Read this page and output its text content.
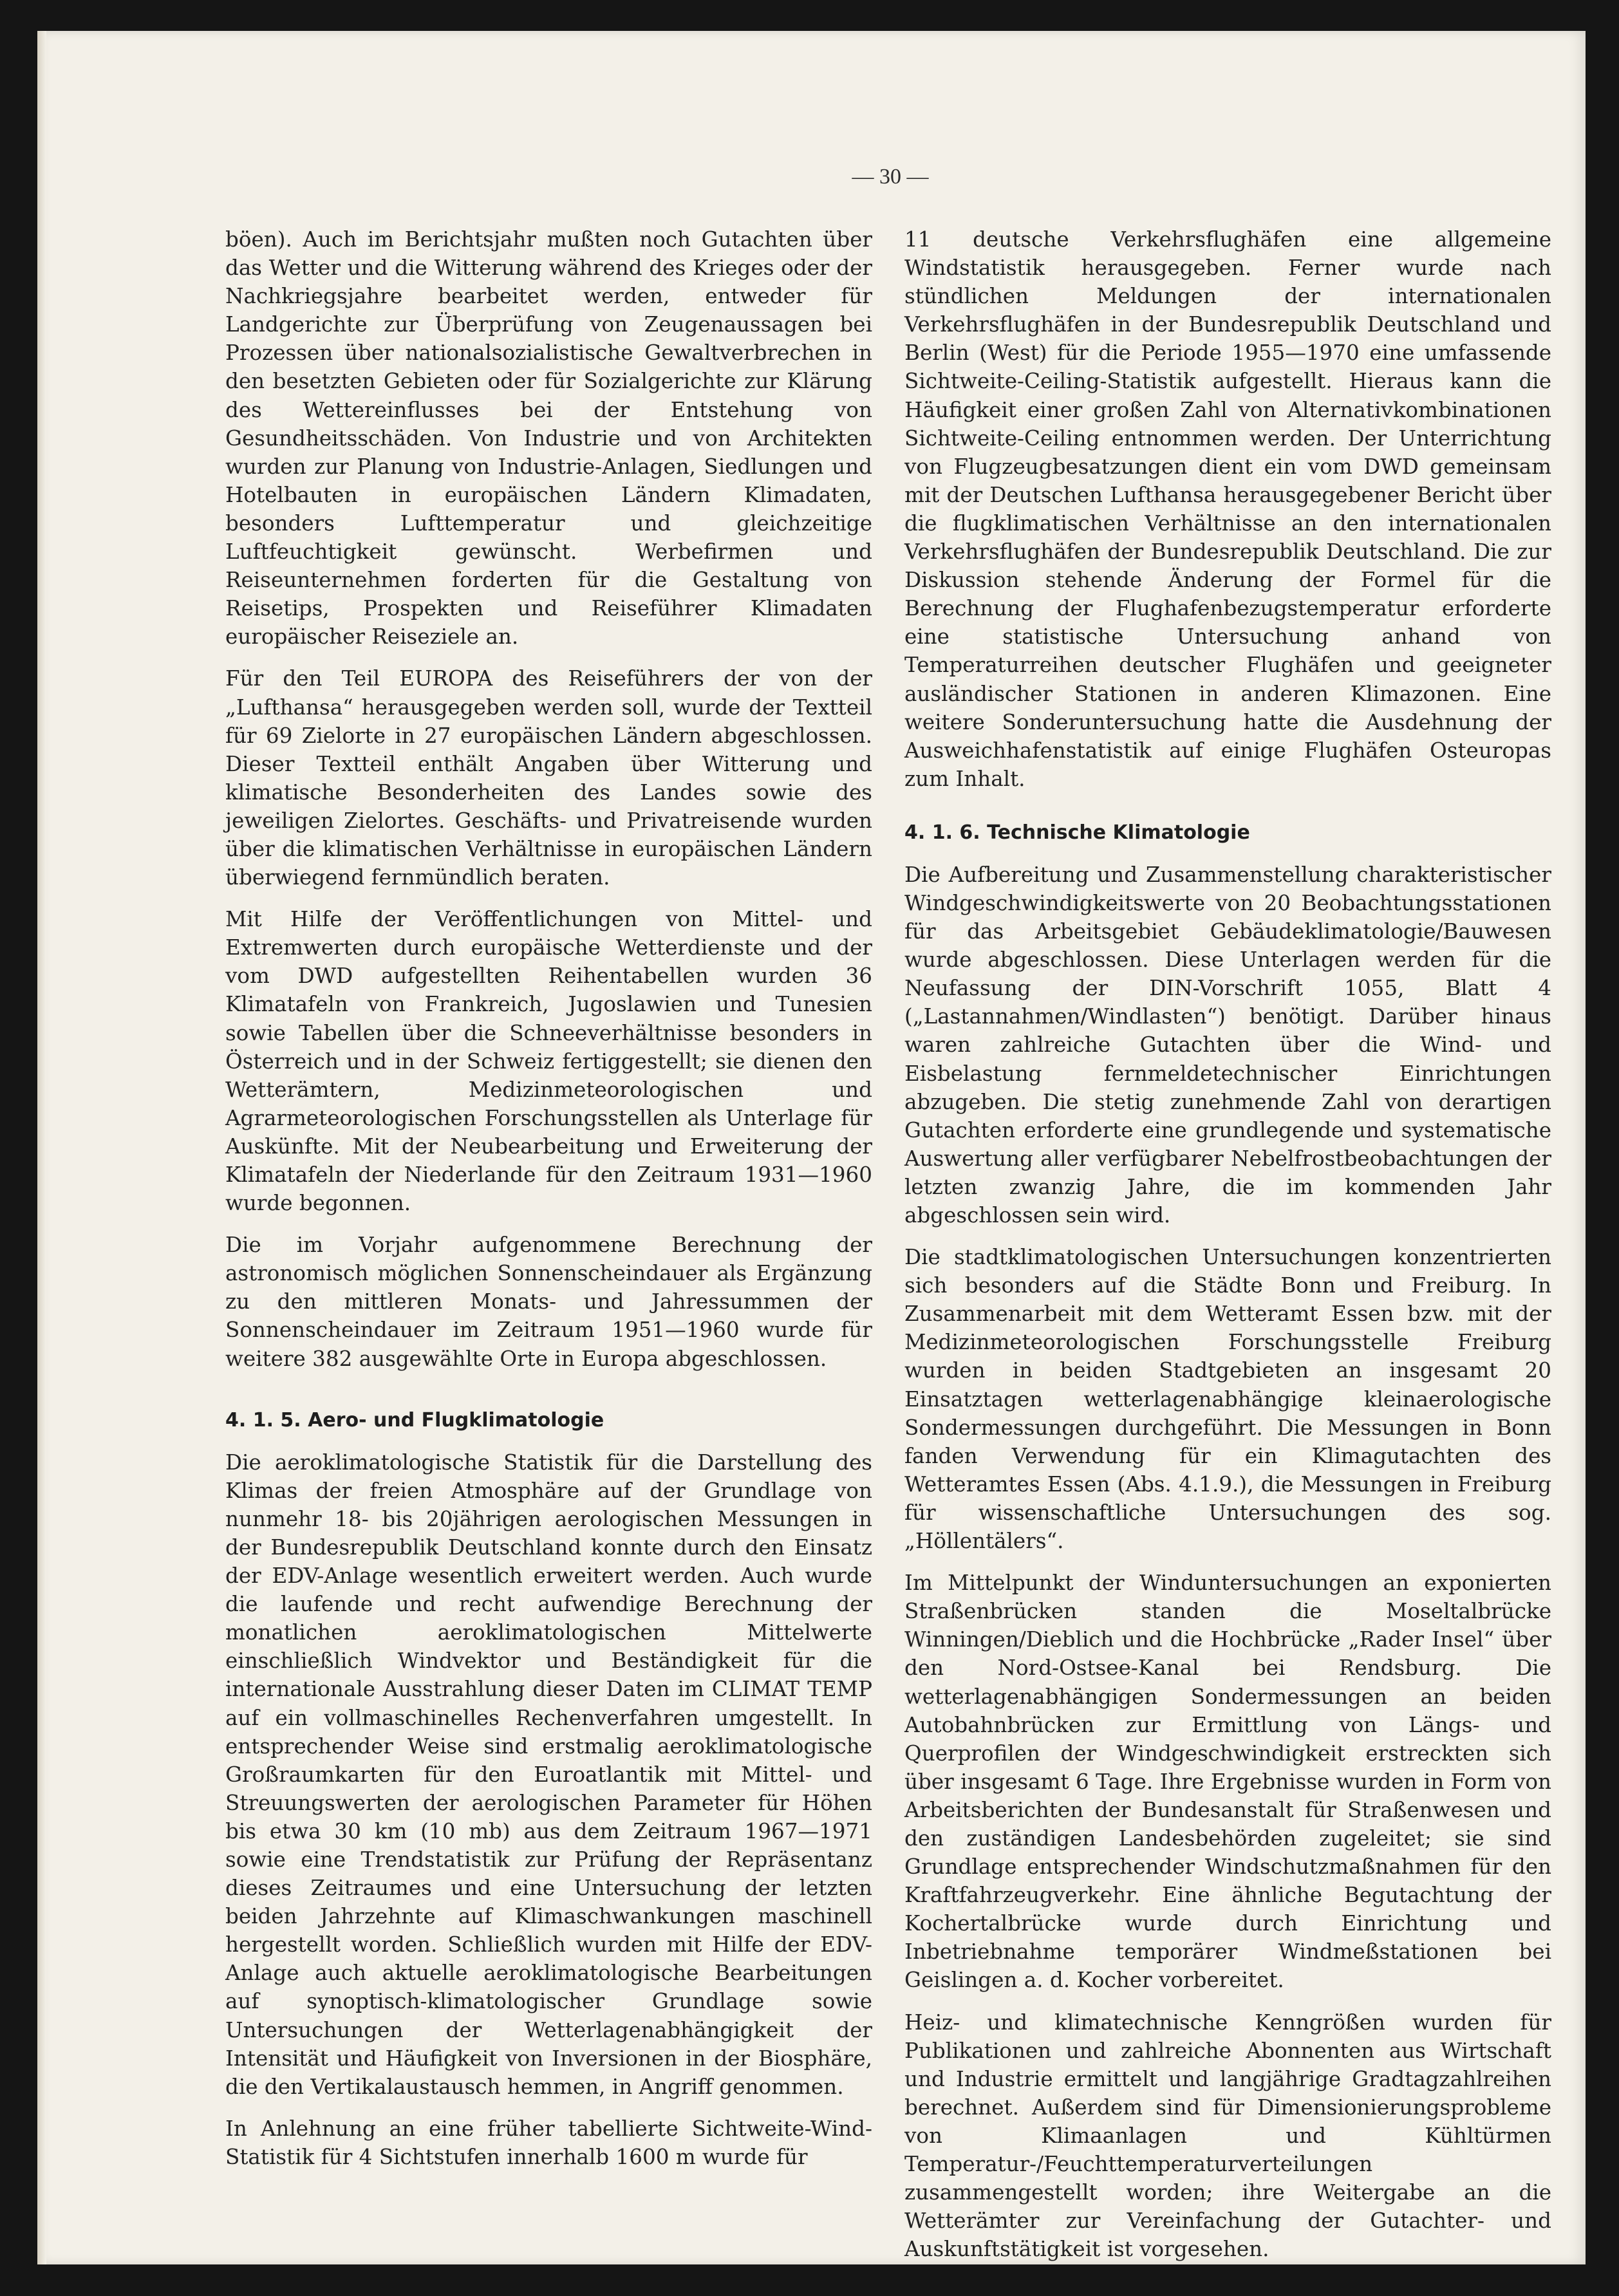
— 30 —

böen). Auch im Berichtsjahr mußten noch Gutachten über das Wetter und die Witterung während des Krieges oder der Nachkriegsjahre bearbeitet werden, entweder für Landgerichte zur Überprüfung von Zeugenaussagen bei Prozessen über nationalsozialistische Gewaltverbrechen in den besetzten Gebieten oder für Sozialgerichte zur Klärung des Wettereinflusses bei der Entstehung von Gesundheitsschäden. Von Industrie und von Architekten wurden zur Planung von Industrie-Anlagen, Siedlungen und Hotelbauten in europäischen Ländern Klimadaten, besonders Lufttemperatur und gleichzeitige Luftfeuchtigkeit gewünscht. Werbefirmen und Reiseunternehmen forderten für die Gestaltung von Reisetips, Prospekten und Reiseführer Klimadaten europäischer Reiseziele an.

Für den Teil EUROPA des Reiseführers der von der „Lufthansa“ herausgegeben werden soll, wurde der Textteil für 69 Zielorte in 27 europäischen Ländern abgeschlossen. Dieser Textteil enthält Angaben über Witterung und klimatische Besonderheiten des Landes sowie des jeweiligen Zielortes. Geschäfts- und Privatreisende wurden über die klimatischen Verhältnisse in europäischen Ländern überwiegend fernmündlich beraten.

Mit Hilfe der Veröffentlichungen von Mittel- und Extremwerten durch europäische Wetterdienste und der vom DWD aufgestellten Reihentabellen wurden 36 Klimatafeln von Frankreich, Jugoslawien und Tunesien sowie Tabellen über die Schneeverhältnisse besonders in Österreich und in der Schweiz fertiggestellt; sie dienen den Wetterämtern, Medizinmeteorologischen und Agrarmeteorologischen Forschungsstellen als Unterlage für Auskünfte. Mit der Neubearbeitung und Erweiterung der Klimatafeln der Niederlande für den Zeitraum 1931—1960 wurde begonnen.

Die im Vorjahr aufgenommene Berechnung der astronomisch möglichen Sonnenscheindauer als Ergänzung zu den mittleren Monats- und Jahressummen der Sonnenscheindauer im Zeitraum 1951—1960 wurde für weitere 382 ausgewählte Orte in Europa abgeschlossen.

4. 1. 5. Aero- und Flugklimatologie

Die aeroklimatologische Statistik für die Darstellung des Klimas der freien Atmosphäre auf der Grundlage von nunmehr 18- bis 20jährigen aerologischen Messungen in der Bundesrepublik Deutschland konnte durch den Einsatz der EDV-Anlage wesentlich erweitert werden. Auch wurde die laufende und recht aufwendige Berechnung der monatlichen aeroklimatologischen Mittelwerte einschließlich Windvektor und Beständigkeit für die internationale Ausstrahlung dieser Daten im CLIMAT TEMP auf ein vollmaschinelles Rechenverfahren umgestellt. In entsprechender Weise sind erstmalig aeroklimatologische Großraumkarten für den Euroatlantik mit Mittel- und Streuungswerten der aerologischen Parameter für Höhen bis etwa 30 km (10 mb) aus dem Zeitraum 1967—1971 sowie eine Trendstatistik zur Prüfung der Repräsentanz dieses Zeitraumes und eine Untersuchung der letzten beiden Jahrzehnte auf Klimaschwankungen maschinell hergestellt worden. Schließlich wurden mit Hilfe der EDV-Anlage auch aktuelle aeroklimatologische Bearbeitungen auf synoptisch-klimatologischer Grundlage sowie Untersuchungen der Wetterlagenabhängigkeit der Intensität und Häufigkeit von Inversionen in der Biosphäre, die den Vertikalaustausch hemmen, in Angriff genommen.

In Anlehnung an eine früher tabellierte Sichtweite-Wind-Statistik für 4 Sichtstufen innerhalb 1600 m wurde für

11 deutsche Verkehrsflughäfen eine allgemeine Windstatistik herausgegeben. Ferner wurde nach stündlichen Meldungen der internationalen Verkehrsflughäfen in der Bundesrepublik Deutschland und Berlin (West) für die Periode 1955—1970 eine umfassende Sichtweite-Ceiling-Statistik aufgestellt. Hieraus kann die Häufigkeit einer großen Zahl von Alternativkombinationen Sichtweite-Ceiling entnommen werden. Der Unterrichtung von Flugzeugbesatzungen dient ein vom DWD gemeinsam mit der Deutschen Lufthansa herausgegebener Bericht über die flugklimatischen Verhältnisse an den internationalen Verkehrsflughäfen der Bundesrepublik Deutschland. Die zur Diskussion stehende Änderung der Formel für die Berechnung der Flughafenbezugstemperatur erforderte eine statistische Untersuchung anhand von Temperaturreihen deutscher Flughäfen und geeigneter ausländischer Stationen in anderen Klimazonen. Eine weitere Sonderuntersuchung hatte die Ausdehnung der Ausweichhafenstatistik auf einige Flughäfen Osteuropas zum Inhalt.

4. 1. 6. Technische Klimatologie

Die Aufbereitung und Zusammenstellung charakteristischer Windgeschwindigkeitswerte von 20 Beobachtungsstationen für das Arbeitsgebiet Gebäudeklimatologie/Bauwesen wurde abgeschlossen. Diese Unterlagen werden für die Neufassung der DIN-Vorschrift 1055, Blatt 4 („Lastannahmen/Windlasten“) benötigt. Darüber hinaus waren zahlreiche Gutachten über die Wind- und Eisbelastung fernmeldetechnischer Einrichtungen abzugeben. Die stetig zunehmende Zahl von derartigen Gutachten erforderte eine grundlegende und systematische Auswertung aller verfügbarer Nebelfrostbeobachtungen der letzten zwanzig Jahre, die im kommenden Jahr abgeschlossen sein wird.

Die stadtklimatologischen Untersuchungen konzentrierten sich besonders auf die Städte Bonn und Freiburg. In Zusammenarbeit mit dem Wetteramt Essen bzw. mit der Medizinmeteorologischen Forschungsstelle Freiburg wurden in beiden Stadtgebieten an insgesamt 20 Einsatztagen wetterlagenabhängige kleinaerologische Sondermessungen durchgeführt. Die Messungen in Bonn fanden Verwendung für ein Klimagutachten des Wetteramtes Essen (Abs. 4.1.9.), die Messungen in Freiburg für wissenschaftliche Untersuchungen des sog. „Höllentälers“.

Im Mittelpunkt der Winduntersuchungen an exponierten Straßenbrücken standen die Moseltalbrücke Winningen/Dieblich und die Hochbrücke „Rader Insel“ über den Nord-Ostsee-Kanal bei Rendsburg. Die wetterlagenabhängigen Sondermessungen an beiden Autobahnbrücken zur Ermittlung von Längs- und Querprofilen der Windgeschwindigkeit erstreckten sich über insgesamt 6 Tage. Ihre Ergebnisse wurden in Form von Arbeitsberichten der Bundesanstalt für Straßenwesen und den zuständigen Landesbehörden zugeleitet; sie sind Grundlage entsprechender Windschutzmaßnahmen für den Kraftfahrzeugverkehr. Eine ähnliche Begutachtung der Kochertalbrücke wurde durch Einrichtung und Inbetriebnahme temporärer Windmeßstationen bei Geislingen a. d. Kocher vorbereitet.

Heiz- und klimatechnische Kenngrößen wurden für Publikationen und zahlreiche Abonnenten aus Wirtschaft und Industrie ermittelt und langjährige Gradtagzahlreihen berechnet. Außerdem sind für Dimensionierungsprobleme von Klimaanlagen und Kühltürmen Temperatur-/Feuchttemperaturverteilungen zusammengestellt worden; ihre Weitergabe an die Wetterämter zur Vereinfachung der Gutachter- und Auskunftstätigkeit ist vorgesehen.
